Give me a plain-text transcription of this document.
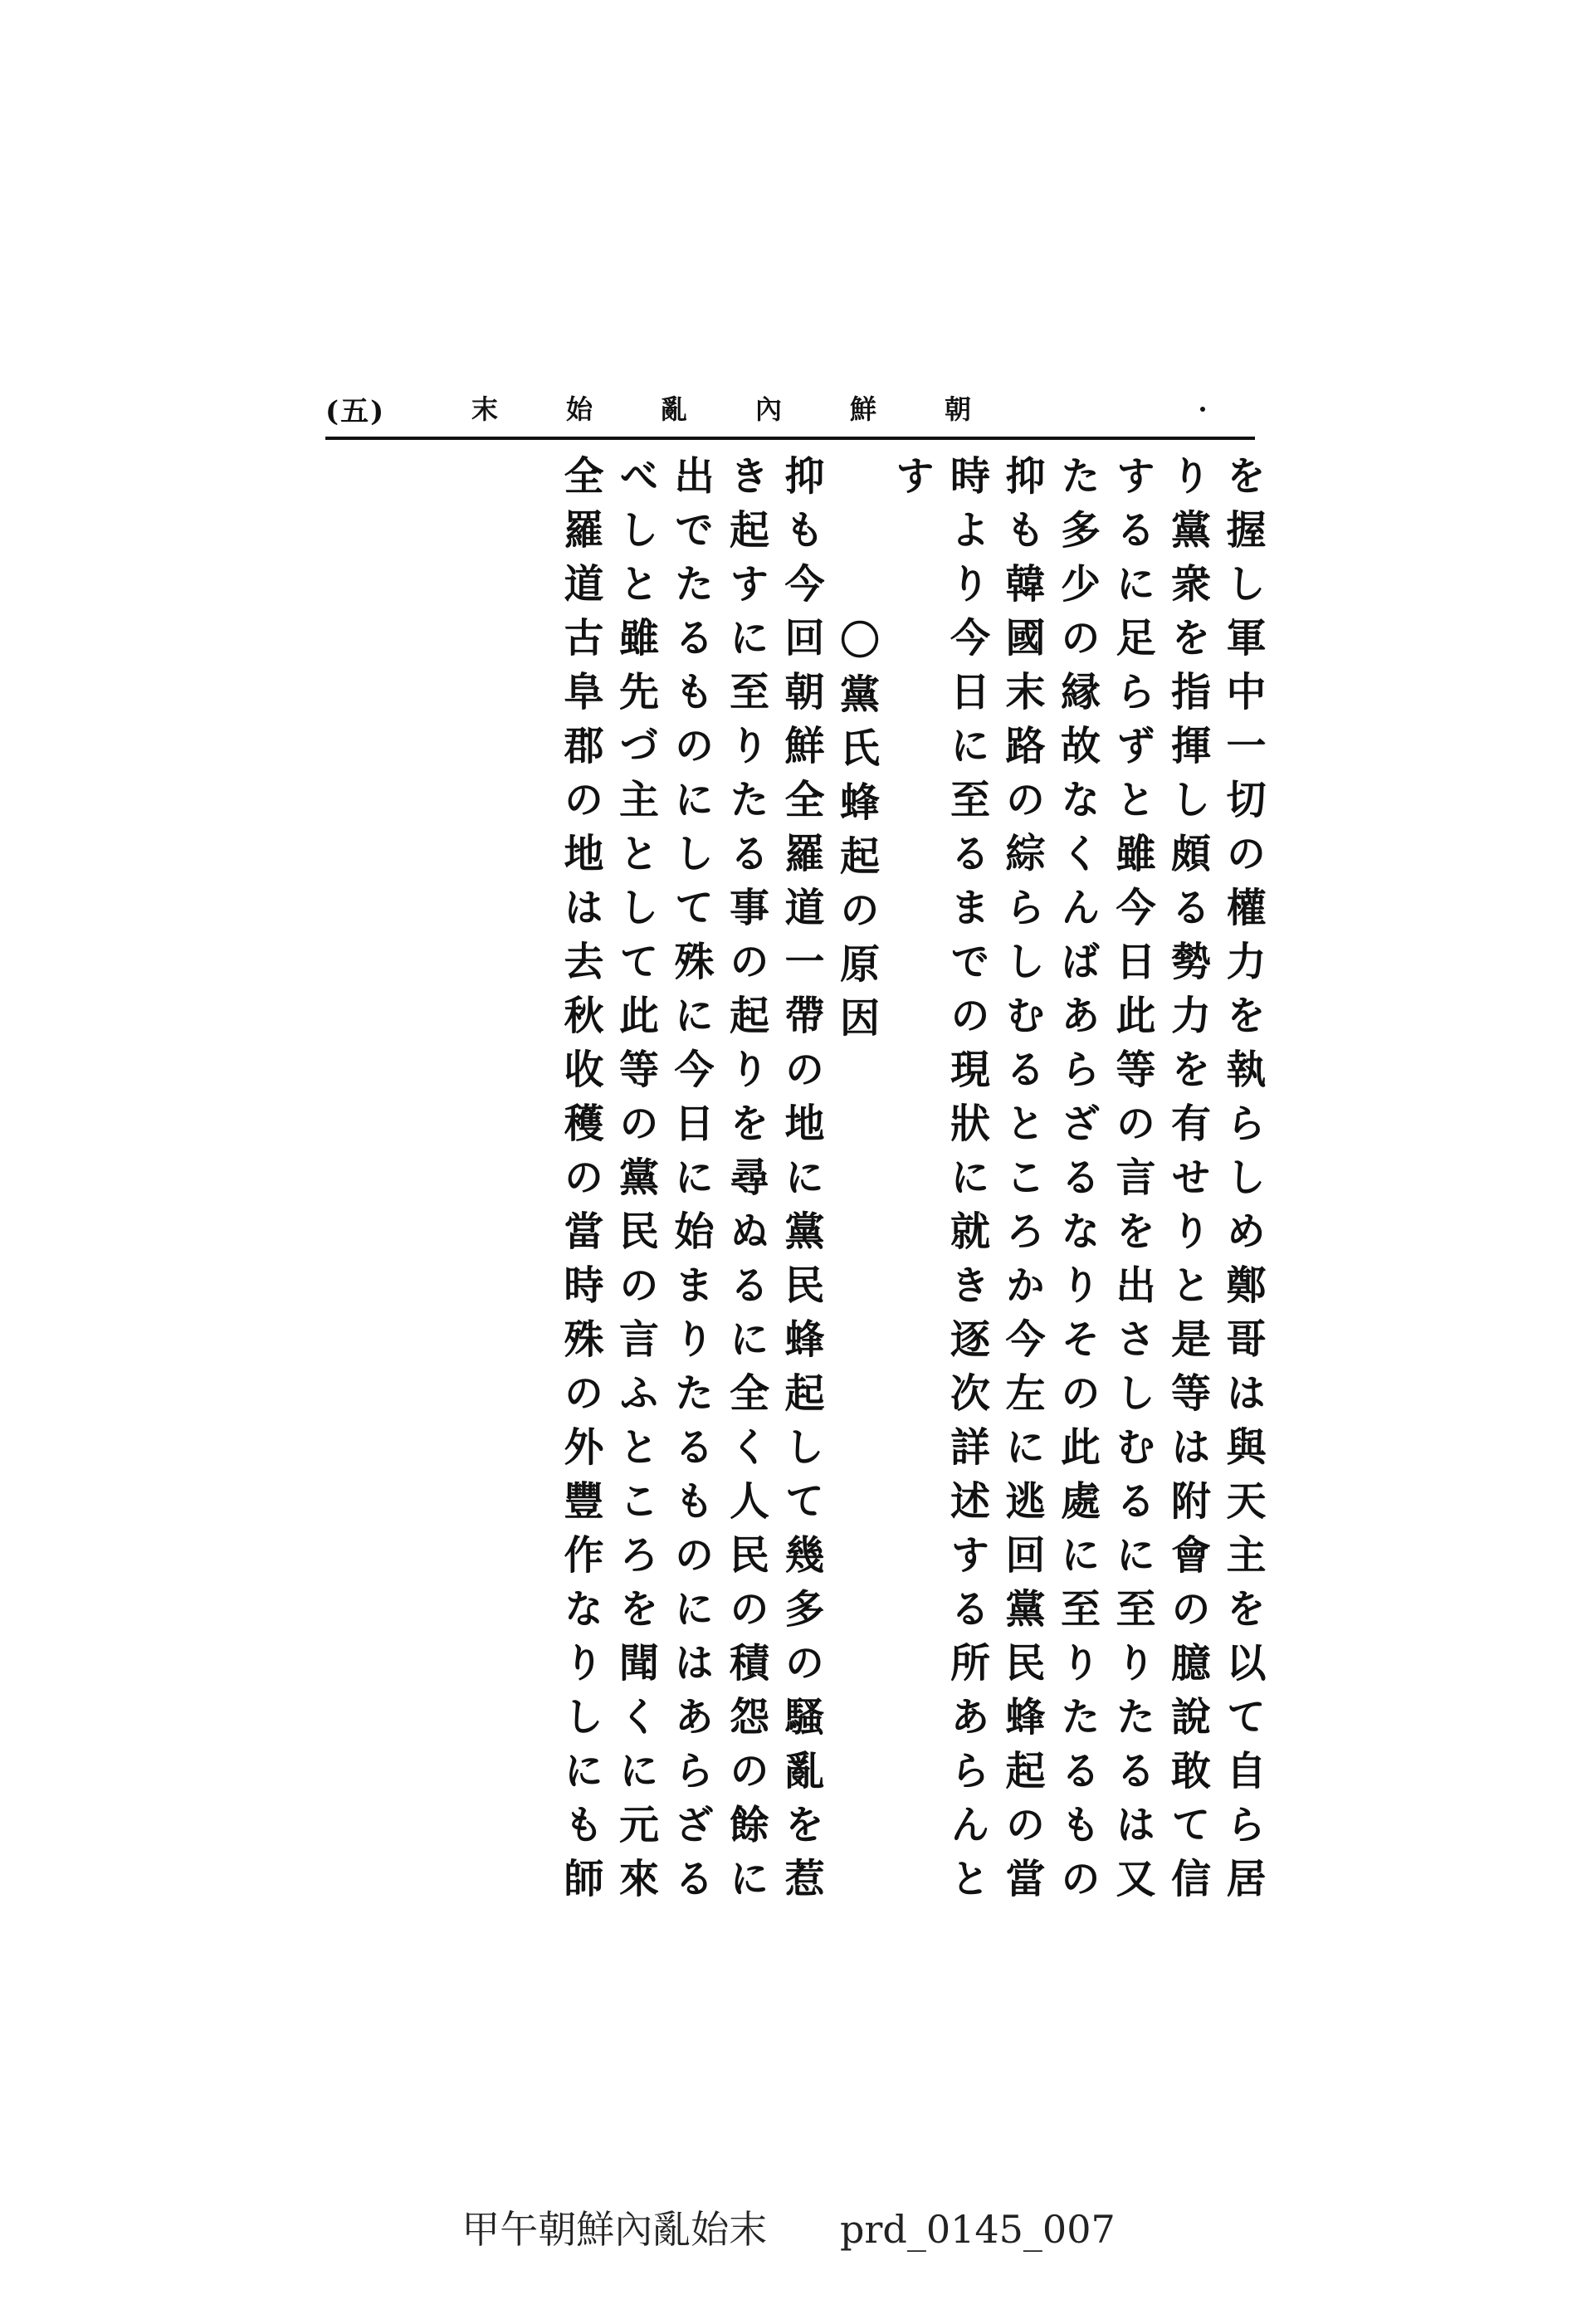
(五)	朝鮮內亂始末
を握し軍中一切の權力を執らしめ鄭哥は與天主を以て自ら居
り黨衆を指揮し頗る勢力を有せりと是等は附會の臆說敢て信
するに足らずと雖今日此等の言を出さしむるに至りたるは又
た多少の縁故なくんばあらざるなりその此處に至りたるもの
抑も韓國末路の綜らしむるところか今左に逃回黨民蜂起の當
時より今日に至るまでの現狀に就き逐次詳述する所あらんと
す
〇黨氏蜂起の原因
抑も今回朝鮮全羅道一帶の地に黨民蜂起して幾多の騷亂を惹
き起すに至りたる事の起りを尋ぬるに全く人民の積怨の餘に
出でたるものにして殊に今日に始まりたるものにはあらざる
べしと雖先づ主として此等の黨民の言ふところを聞くに元來
全羅道古阜郡の地は去秋收穫の當時殊の外豐作なりしにも師
甲午朝鮮內亂始末 prd_0145_007
